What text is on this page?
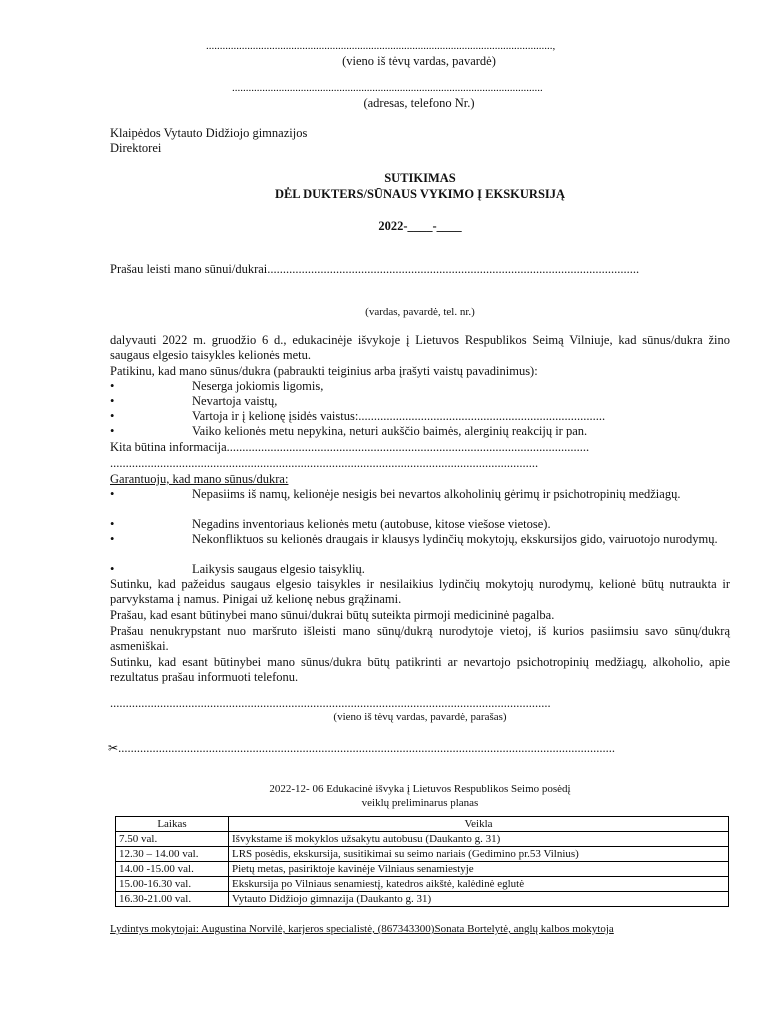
..............................................................................................................................,
(vieno iš tėvų vardas, pavardė)
.................................................................................................................
(adresas, telefono Nr.)
Klaipėdos Vytauto Didžiojo gimnazijos
Direktorei
SUTIKIMAS
DĖL DUKTERS/SŪNAUS VYKIMO Į EKSKURSIJĄ
2022-____-____
Prašau leisti mano sūnui/dukrai.......................................................................................................................
(vardas, pavardė, tel. nr.)
dalyvauti 2022 m. gruodžio 6 d., edukacinėje išvykoje į Lietuvos Respublikos Seimą Vilniuje, kad sūnus/dukra žino saugaus elgesio taisykles kelionės metu.
Patikinu, kad mano sūnus/dukra (pabraukti teiginius arba įrašyti vaistų pavadinimus):
•	Neserga jokiomis ligomis,
•	Nevartoja vaistų,
•	Vartoja ir į kelionę įsidės vaistus:...............................................................................
•	Vaiko kelionės metu nepykina, neturi aukščio baimės, alerginių reakcijų ir pan.
Kita būtina informacija....................................................................................................................
.........................................................................................................................................
Garantuoju, kad mano sūnus/dukra:
•	Nepasiims iš namų, kelionėje nesigis bei nevartos alkoholinių gėrimų ir psichotropinių medžiagų.
•	Negadins inventoriaus kelionės metu (autobuse, kitose viešose vietose).
•	Nekonfliktuos su kelionės draugais ir klausys lydinčių mokytojų, ekskursijos gido, vairuotojo nurodymų.
•	Laikysis saugaus elgesio taisyklių.
Sutinku, kad pažeidus saugaus elgesio taisykles ir nesilaikius lydinčių mokytojų nurodymų, kelionė būtų nutraukta ir parvykstama į namus. Pinigai už kelionę nebus grąžinami.
Prašau, kad esant būtinybei mano sūnui/dukrai būtų suteikta pirmoji medicininė pagalba.
Prašau nenukrypstant nuo maršruto išleisti mano sūnų/dukrą nurodytoje vietoj, iš kurios pasiimsiu savo sūnų/dukrą asmeniškai.
Sutinku, kad esant būtinybei mano sūnus/dukra būtų patikrinti ar nevartojo psichotropinių medžiagų, alkoholio, apie rezultatus prašau informuoti telefonu.
.............................................................................................................................................
(vieno iš tėvų vardas, pavardė, parašas)
✂...............................................................................................................................................................
2022-12- 06 Edukacinė išvyka į Lietuvos Respublikos Seimo posėdį
veiklų preliminarus planas
Laikas	Veikla
7.50 val.	Išvykstame iš mokyklos užsakytu autobusu (Daukanto g. 31)
12.30 – 14.00 val.	LRS posėdis, ekskursija, susitikimai su seimo nariais (Gedimino pr.53 Vilnius)
14.00 -15.00 val.	Pietų metas, pasiriktoje kavinėje Vilniaus senamiestyje
15.00-16.30 val.	Ekskursija po Vilniaus senamiestį, katedros aikštė, kalėdinė eglutė
16.30-21.00 val.	Vytauto Didžiojo gimnazija (Daukanto g. 31)
Lydintys mokytojai: Augustina Norvilė, karjeros specialistė, (867343300)Sonata Bortelytė, anglų kalbos mokytoja
